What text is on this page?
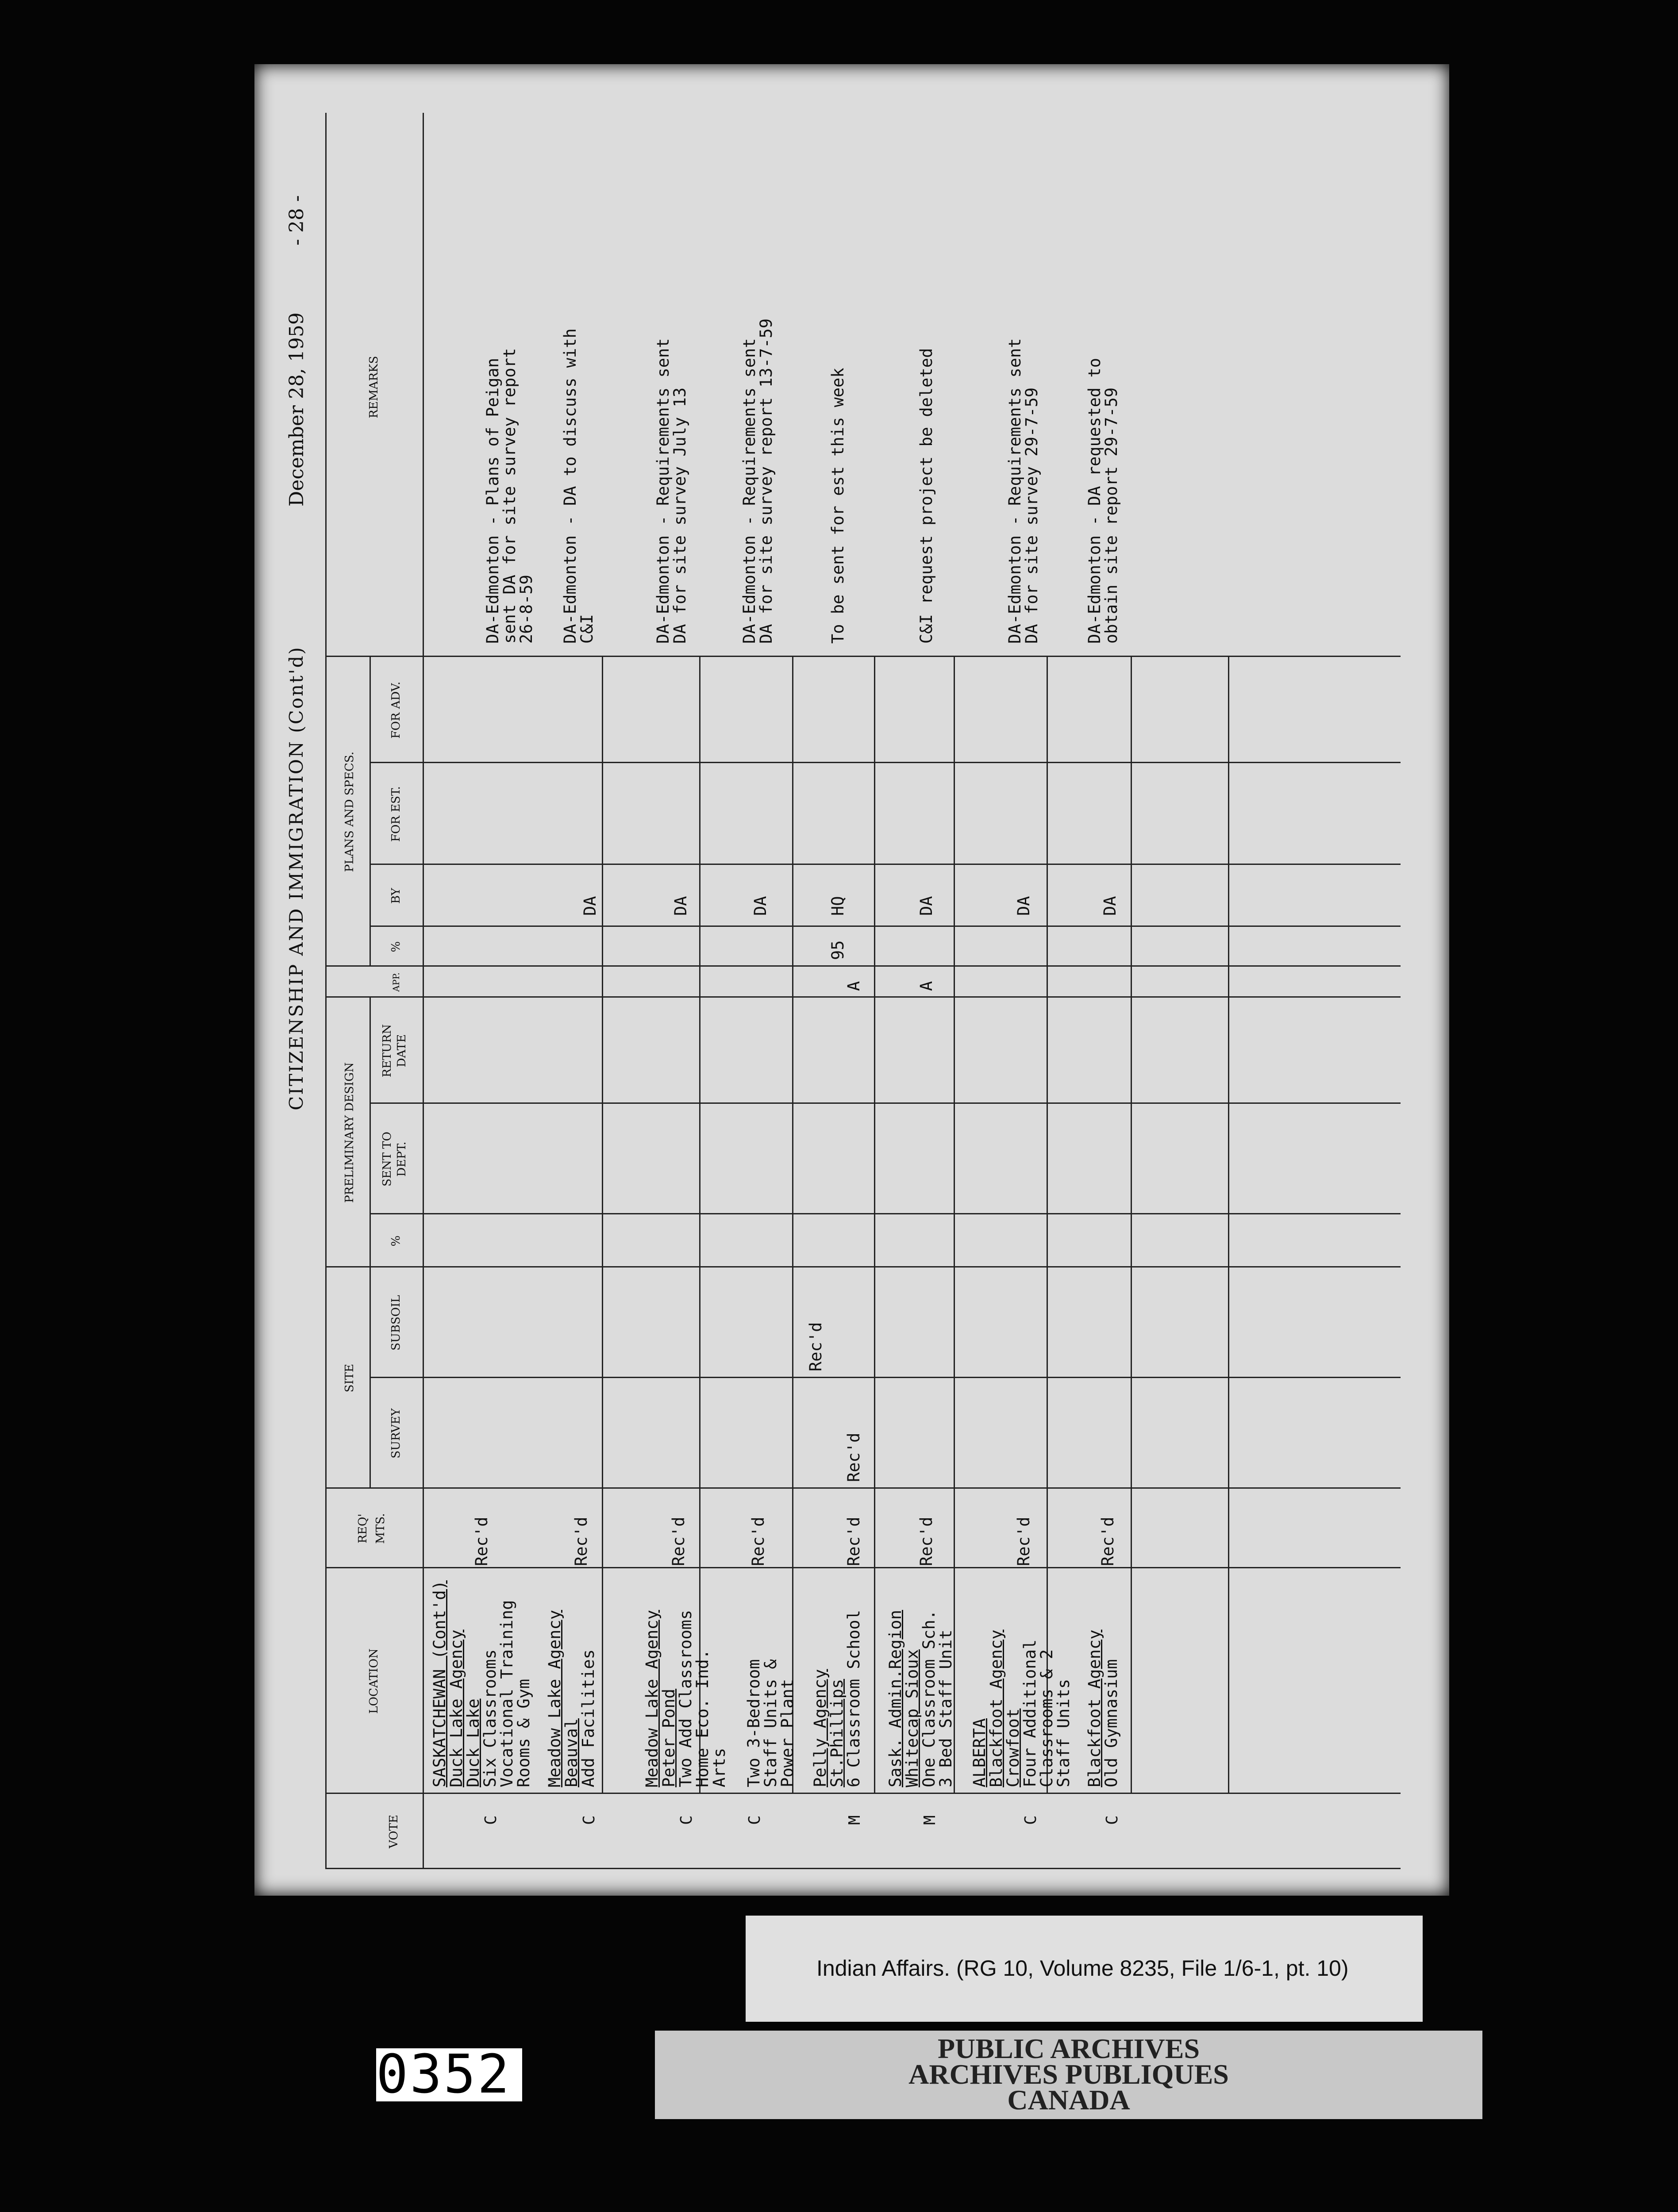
CITIZENSHIP AND IMMIGRATION (Cont'd)
December 28, 1959
- 28 -
VOTE
LOCATION
REQ' MTS.
SITE
SURVEY
SUBSOIL
PRELIMINARY DESIGN
%
SENT TO DEPT.
RETURN DATE
APP.
PLANS AND SPECS.
%
BY
FOR EST.
FOR ADV.
REMARKS
SASKATCHEWAN (Cont'd)
Duck Lake Agency
Duck Lake
C
Six Classrooms
Vocational Training
Rooms & Gym
Rec'd
DA-Edmonton - Plans of Peigan
sent DA for site survey report
26-8-59
Meadow Lake Agency
Beauval
C
Add Facilities
Rec'd
DA
DA-Edmonton - DA to discuss with
C&I
Meadow Lake Agency
Peter Pond
C
Two Add Classrooms
Home Eco. Ind.
Arts
Rec'd
DA
DA-Edmonton - Requirements sent
DA for site survey July 13
C
Two 3-Bedroom
Staff Units &
Power Plant
Rec'd
DA
DA-Edmonton - Requirements sent
DA for site survey report 13-7-59
Pelly Agency
St.Phillips
M
6 Classroom School
Rec'd
Rec'd
Rec'd
A
95
HQ
To be sent for est this week
Sask. Admin.Region
Whitecap Sioux
M
One Classroom Sch.
3 Bed Staff Unit
Rec'd
A
DA
C&I request project be deleted
ALBERTA
Blackfoot Agency
Crowfoot
C
Four Additional
Classrooms & 2
Staff Units
Rec'd
DA
DA-Edmonton - Requirements sent
DA for site survey 29-7-59
Blackfoot Agency
C
Old Gymnasium
Rec'd
DA
DA-Edmonton - DA requested to
obtain site report 29-7-59
Indian Affairs. (RG 10, Volume 8235, File 1/6-1, pt. 10)
PUBLIC ARCHIVES
ARCHIVES PUBLIQUES
CANADA
0352
